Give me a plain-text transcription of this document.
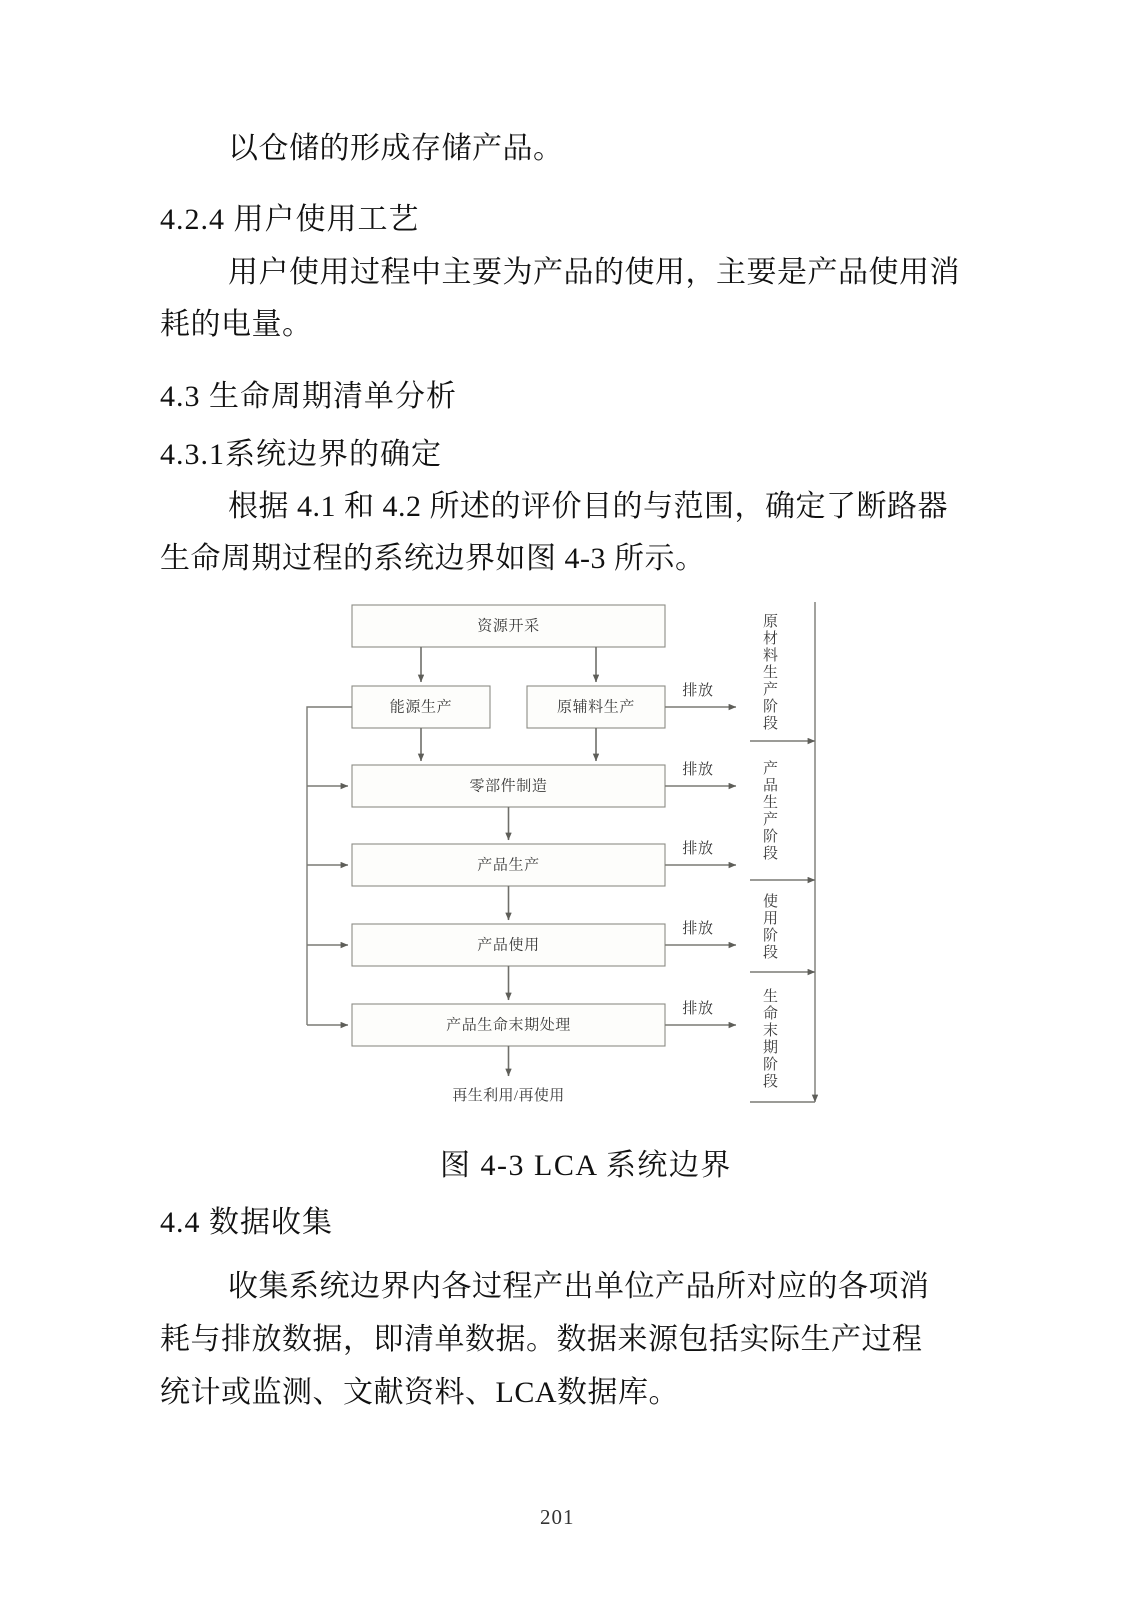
以仓储的形成存储产品。
4.2.4 用户使用工艺
用户使用过程中主要为产品的使用，主要是产品使用消
耗的电量。
4.3 生命周期清单分析
4.3.1系统边界的确定
根据 4.1 和 4.2 所述的评价目的与范围，确定了断路器
生命周期过程的系统边界如图 4-3 所示。
资源开采
能源生产	原辅料生产
零部件制造
产品生产
产品使用
产品生命末期处理
再生利用/再使用
排放
排放
排放
排放
排放
原材料生产阶段
产品生产阶段
使用阶段
生命末期阶段
图 4-3 LCA 系统边界
4.4 数据收集
收集系统边界内各过程产出单位产品所对应的各项消
耗与排放数据，即清单数据。数据来源包括实际生产过程
统计或监测、文献资料、LCA数据库。
201
